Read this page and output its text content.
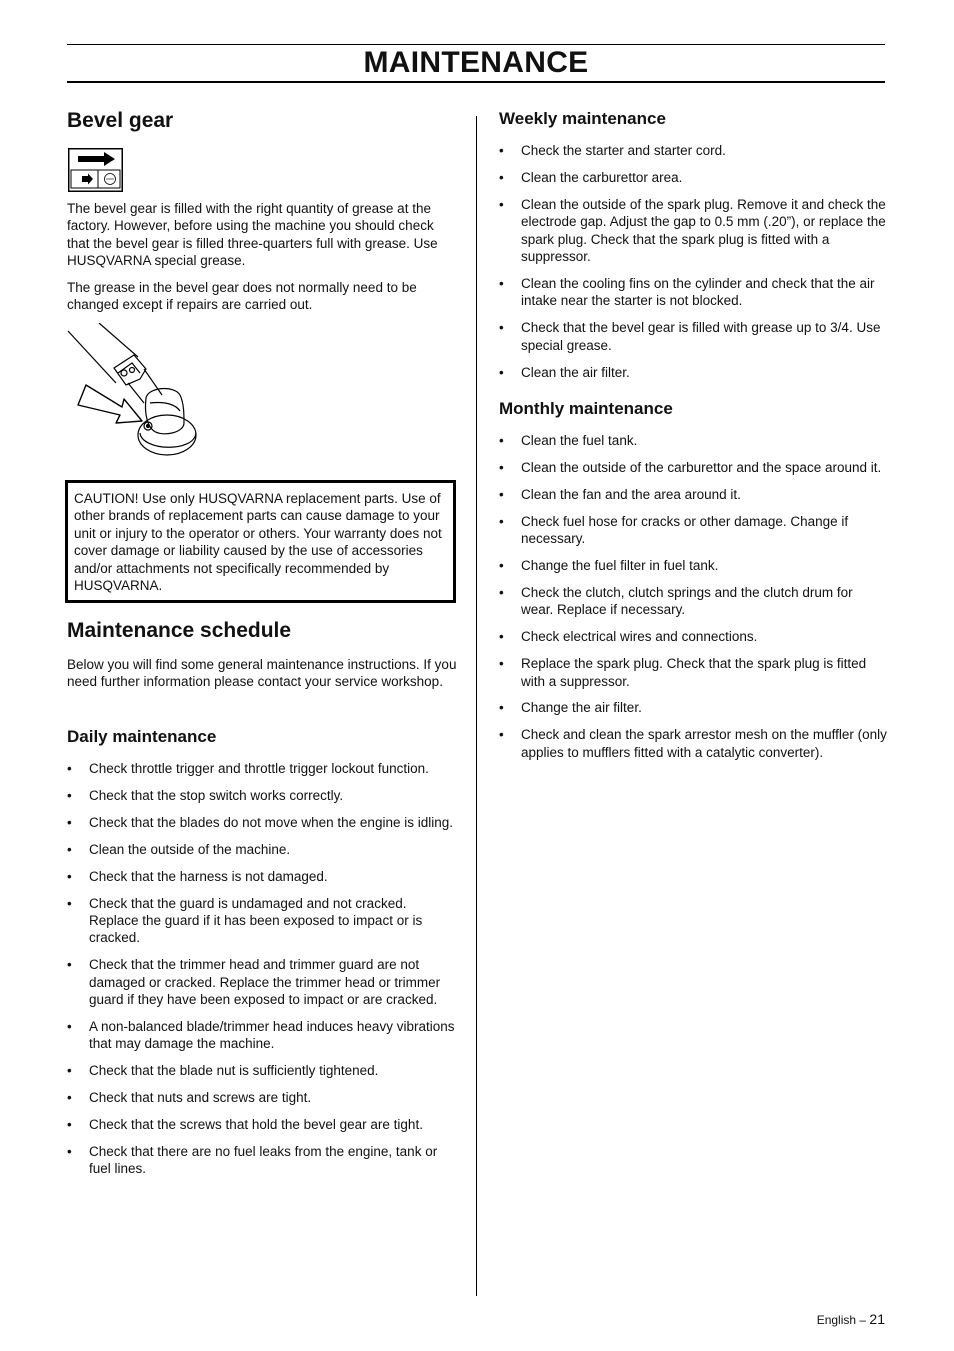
MAINTENANCE
Bevel gear

The bevel gear is filled with the right quantity of grease at the factory. However, before using the machine you should check that the bevel gear is filled three-quarters full with grease. Use HUSQVARNA special grease.

The grease in the bevel gear does not normally need to be changed except if repairs are carried out.

CAUTION! Use only HUSQVARNA replacement parts. Use of other brands of replacement parts can cause damage to your unit or injury to the operator or others. Your warranty does not cover damage or liability caused by the use of accessories and/or attachments not specifically recommended by HUSQVARNA.

Maintenance schedule

Below you will find some general maintenance instructions. If you need further information please contact your service workshop.

Daily maintenance
• Check throttle trigger and throttle trigger lockout function.
• Check that the stop switch works correctly.
• Check that the blades do not move when the engine is idling.
• Clean the outside of the machine.
• Check that the harness is not damaged.
• Check that the guard is undamaged and not cracked. Replace the guard if it has been exposed to impact or is cracked.
• Check that the trimmer head and trimmer guard are not damaged or cracked. Replace the trimmer head or trimmer guard if they have been exposed to impact or are cracked.
• A non-balanced blade/trimmer head induces heavy vibrations that may damage the machine.
• Check that the blade nut is sufficiently tightened.
• Check that nuts and screws are tight.
• Check that the screws that hold the bevel gear are tight.
• Check that there are no fuel leaks from the engine, tank or fuel lines.
Weekly maintenance
• Check the starter and starter cord.
• Clean the carburettor area.
• Clean the outside of the spark plug. Remove it and check the electrode gap. Adjust the gap to 0.5 mm (.20”), or replace the spark plug. Check that the spark plug is fitted with a suppressor.
• Clean the cooling fins on the cylinder and check that the air intake near the starter is not blocked.
• Check that the bevel gear is filled with grease up to 3/4. Use special grease.
• Clean the air filter.
Monthly maintenance
• Clean the fuel tank.
• Clean the outside of the carburettor and the space around it.
• Clean the fan and the area around it.
• Check fuel hose for cracks or other damage. Change if necessary.
• Change the fuel filter in fuel tank.
• Check the clutch, clutch springs and the clutch drum for wear. Replace if necessary.
• Check electrical wires and connections.
• Replace the spark plug. Check that the spark plug is fitted with a suppressor.
• Change the air filter.
• Check and clean the spark arrestor mesh on the muffler (only applies to mufflers fitted with a catalytic converter).
English – 21
